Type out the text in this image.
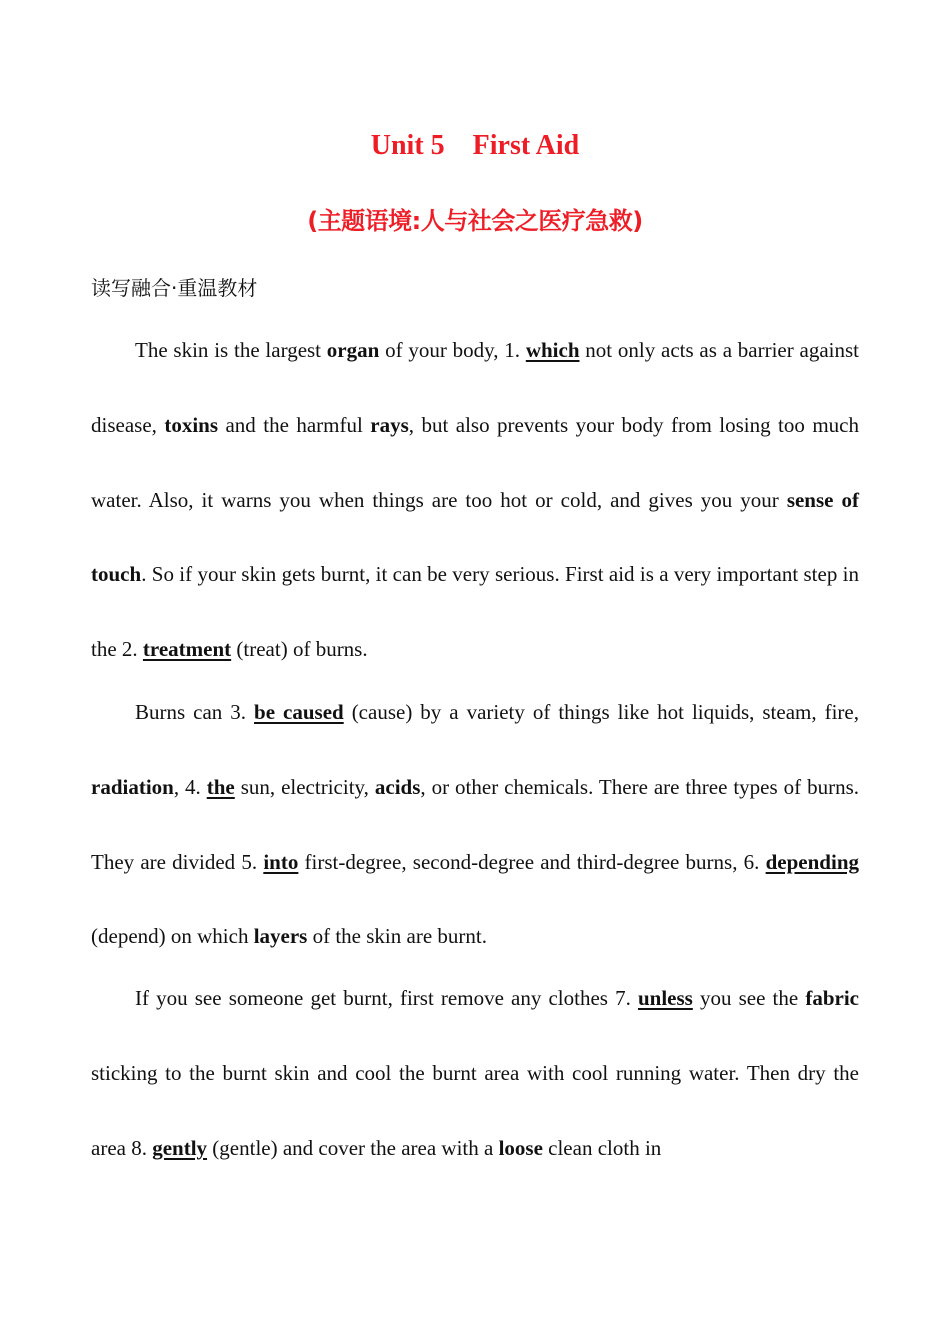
Unit 5    First Aid
(主题语境:人与社会之医疗急救)
读写融合·重温教材

The skin is the largest organ of your body, 1. which not only acts as a barrier against disease, toxins and the harmful rays, but also prevents your body from losing too much water. Also, it warns you when things are too hot or cold, and gives you your sense of touch. So if your skin gets burnt, it can be very serious. First aid is a very important step in the 2. treatment (treat) of burns.

Burns can 3. be caused (cause) by a variety of things like hot liquids, steam, fire, radiation, 4. the sun, electricity, acids, or other chemicals. There are three types of burns. They are divided 5. into first-degree, second-degree and third-degree burns, 6. depending (depend) on which layers of the skin are burnt.

If you see someone get burnt, first remove any clothes 7. unless you see the fabric sticking to the burnt skin and cool the burnt area with cool running water. Then dry the area 8. gently (gentle) and cover the area with a loose clean cloth in
